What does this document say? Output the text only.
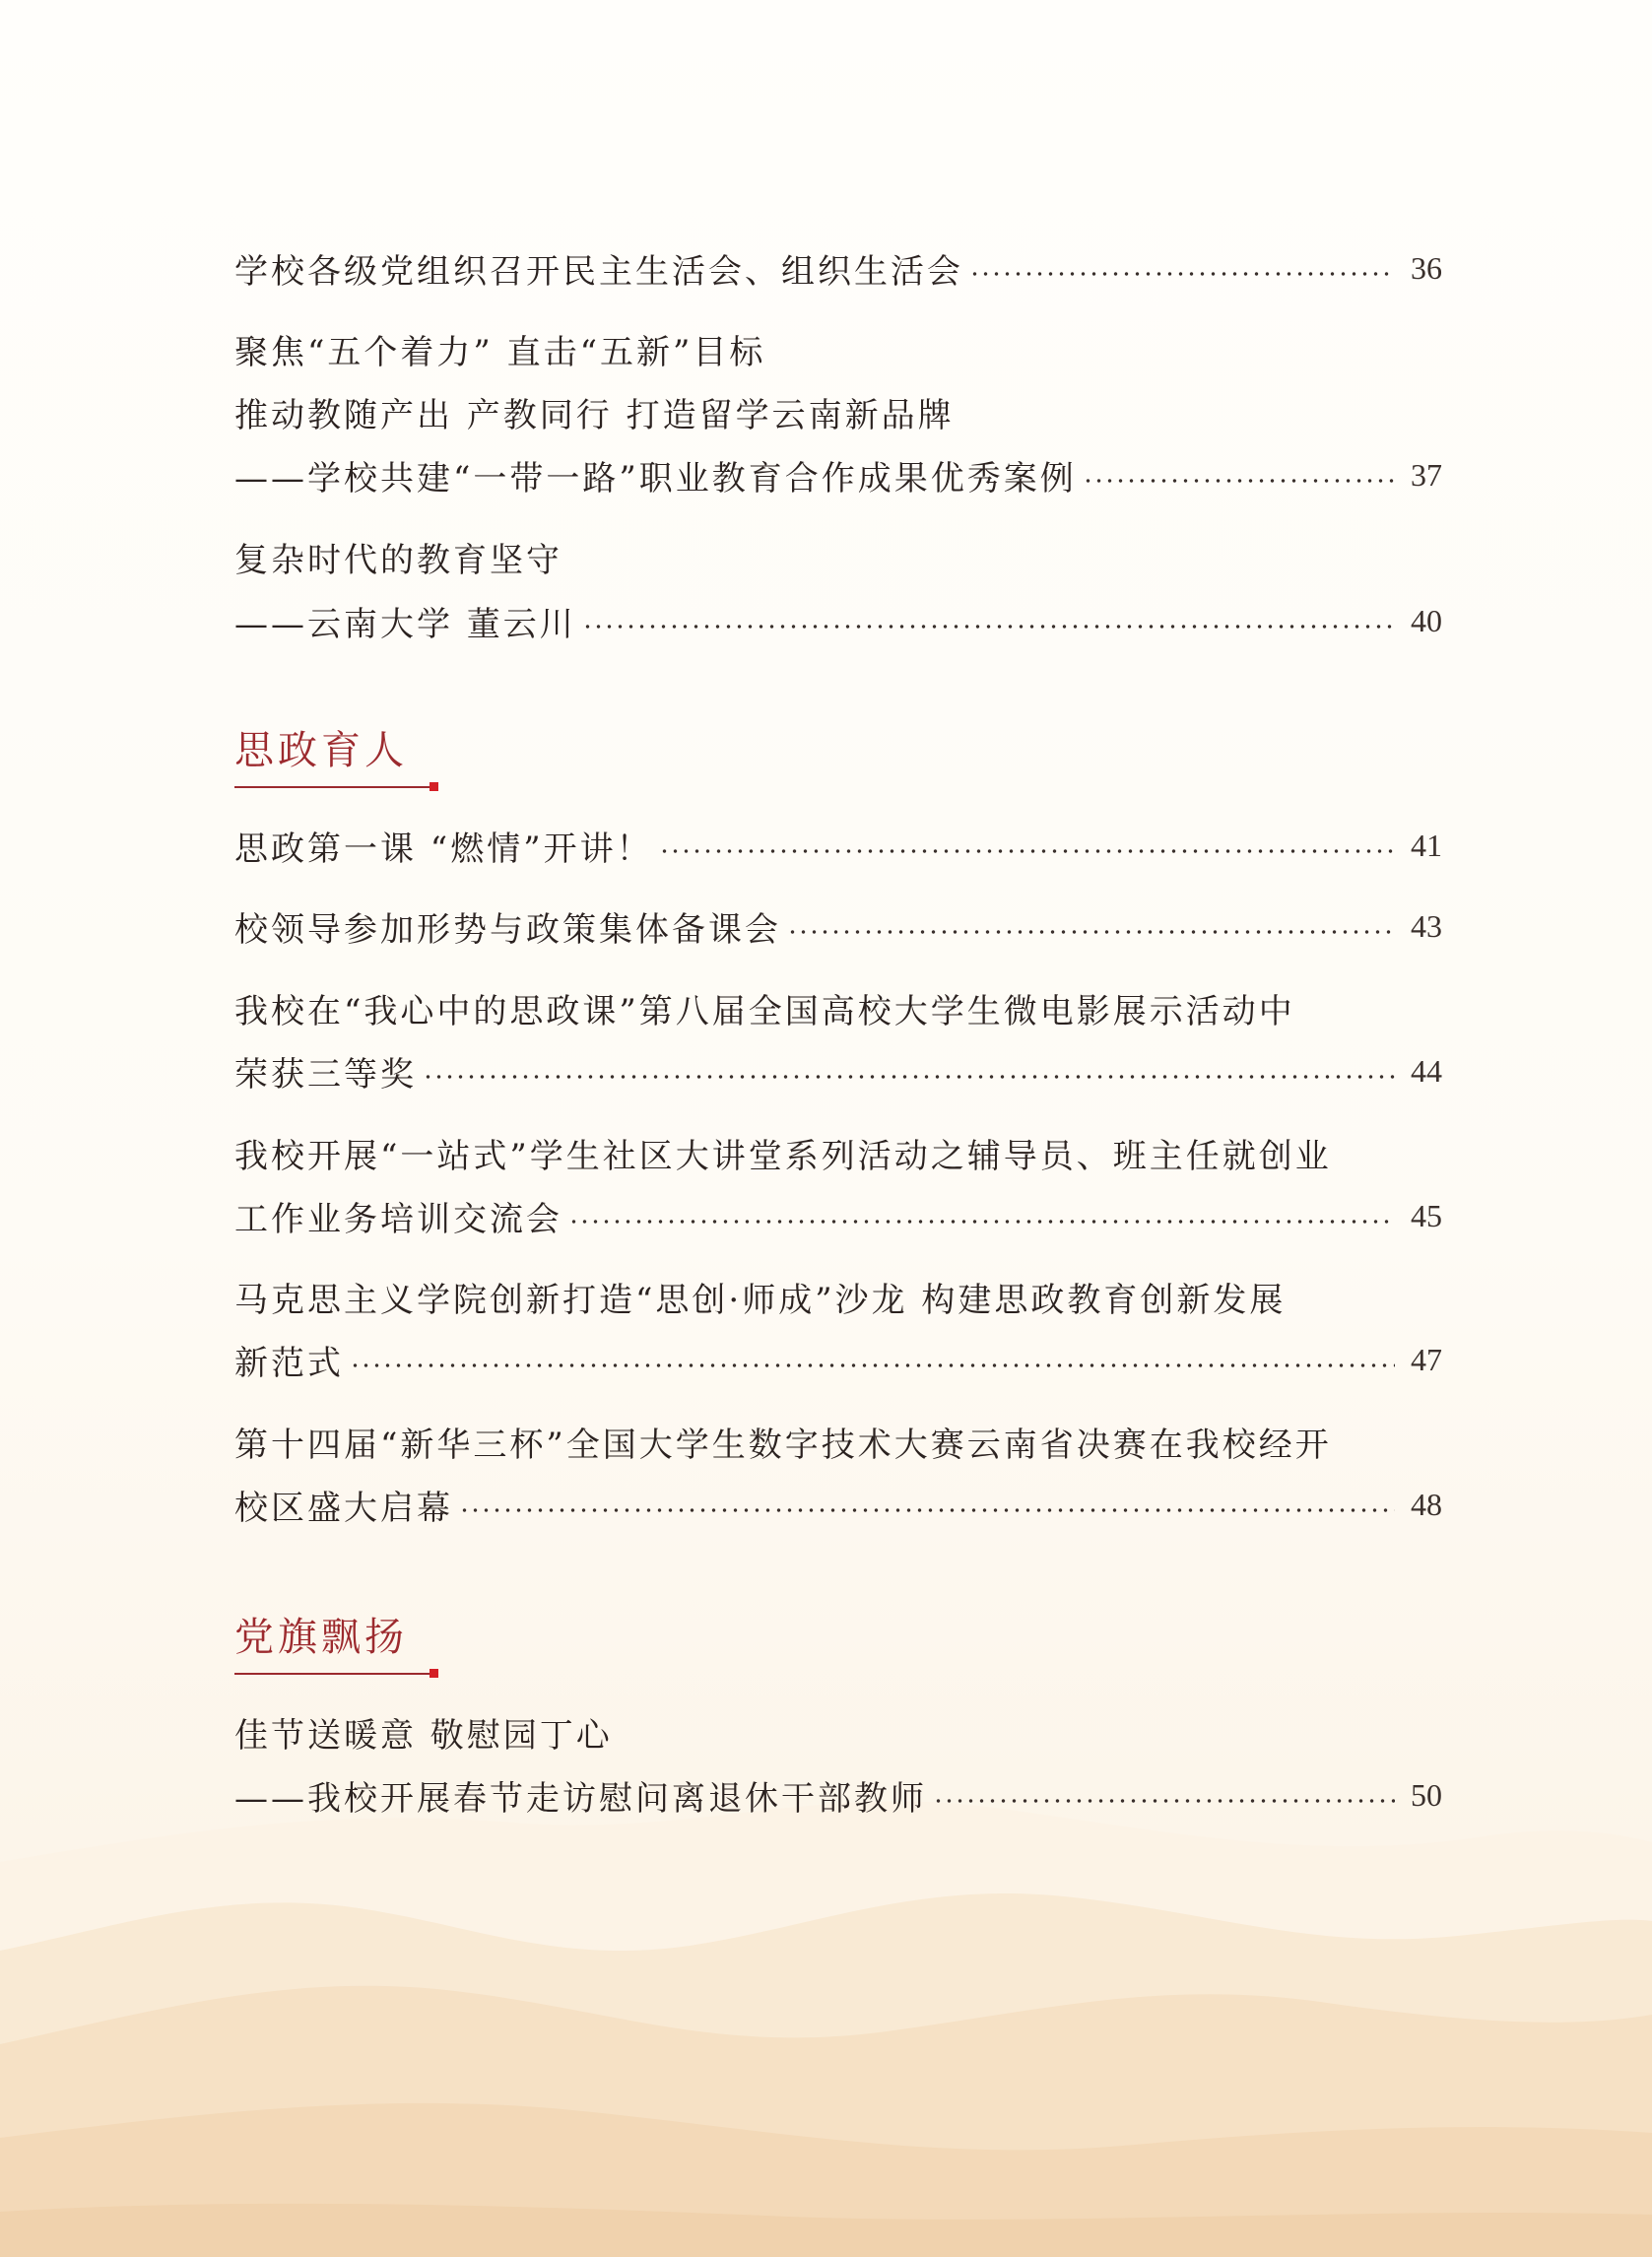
学校各级党组织召开民主生活会、组织生活会	36
聚焦“五个着力” 直击“五新”目标
推动教随产出 产教同行 打造留学云南新品牌
——学校共建“一带一路”职业教育合作成果优秀案例	37
复杂时代的教育坚守
——云南大学 董云川	40
思政育人
思政第一课 “燃情”开讲！	41
校领导参加形势与政策集体备课会	43
我校在“我心中的思政课”第八届全国高校大学生微电影展示活动中
荣获三等奖	44
我校开展“一站式”学生社区大讲堂系列活动之辅导员、班主任就创业
工作业务培训交流会	45
马克思主义学院创新打造“思创·师成”沙龙 构建思政教育创新发展
新范式	47
第十四届“新华三杯”全国大学生数字技术大赛云南省决赛在我校经开
校区盛大启幕	48
党旗飘扬
佳节送暖意 敬慰园丁心
——我校开展春节走访慰问离退休干部教师	50
